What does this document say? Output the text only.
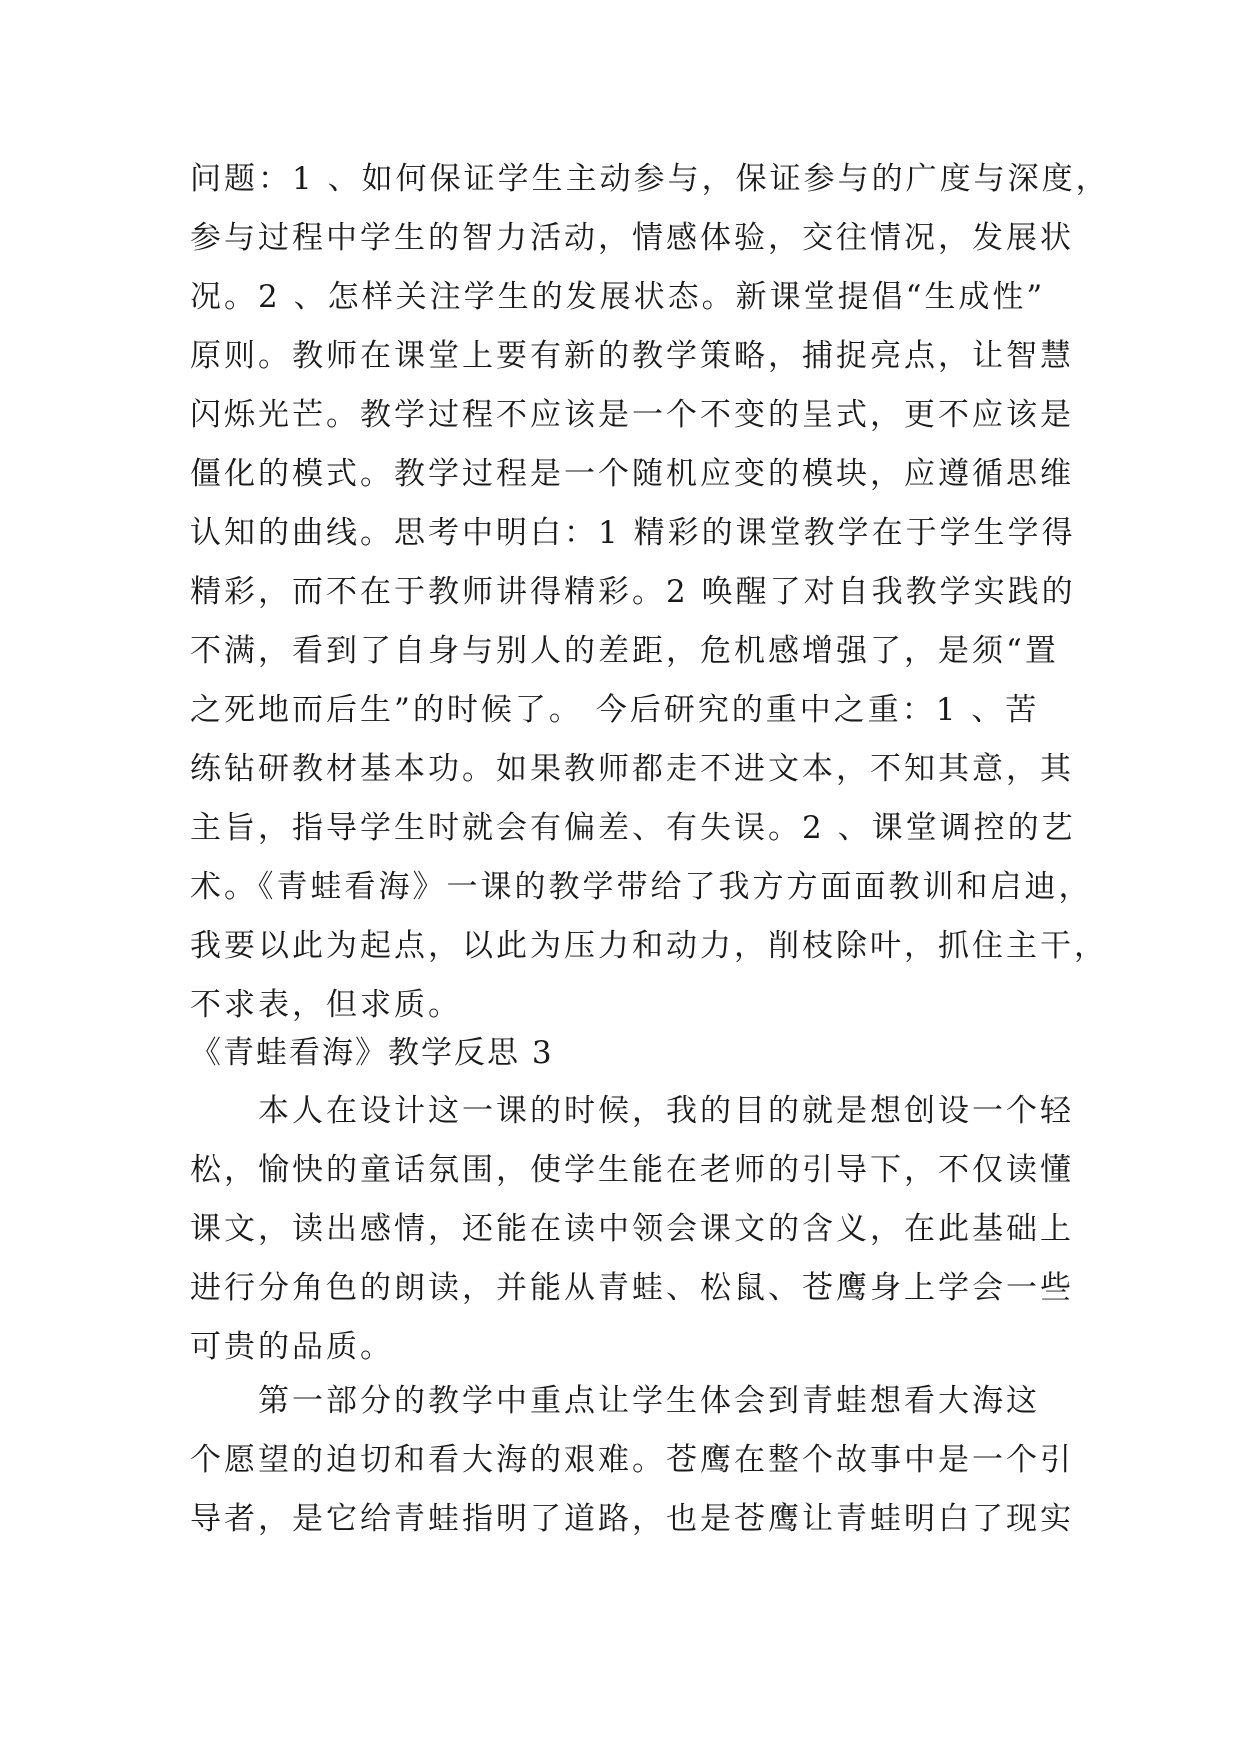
问题：1 、如何保证学生主动参与，保证参与的广度与深度，
参与过程中学生的智力活动，情感体验，交往情况，发展状
况。2 、怎样关注学生的发展状态。新课堂提倡“生成性”
原则。教师在课堂上要有新的教学策略，捕捉亮点，让智慧
闪烁光芒。教学过程不应该是一个不变的呈式，更不应该是
僵化的模式。教学过程是一个随机应变的模块，应遵循思维
认知的曲线。思考中明白：1 精彩的课堂教学在于学生学得
精彩，而不在于教师讲得精彩。2 唤醒了对自我教学实践的
不满，看到了自身与别人的差距，危机感增强了，是须“置
之死地而后生”的时候了。 今后研究的重中之重：1 、苦
练钻研教材基本功。如果教师都走不进文本，不知其意，其
主旨，指导学生时就会有偏差、有失误。2 、课堂调控的艺
术。《青蛙看海》一课的教学带给了我方方面面教训和启迪，
我要以此为起点，以此为压力和动力，削枝除叶，抓住主干，
不求表，但求质。
《青蛙看海》教学反思 3
　　本人在设计这一课的时候，我的目的就是想创设一个轻
松，愉快的童话氛围，使学生能在老师的引导下，不仅读懂
课文，读出感情，还能在读中领会课文的含义，在此基础上
进行分角色的朗读，并能从青蛙、松鼠、苍鹰身上学会一些
可贵的品质。
　　第一部分的教学中重点让学生体会到青蛙想看大海这
个愿望的迫切和看大海的艰难。苍鹰在整个故事中是一个引
导者，是它给青蛙指明了道路，也是苍鹰让青蛙明白了现实
